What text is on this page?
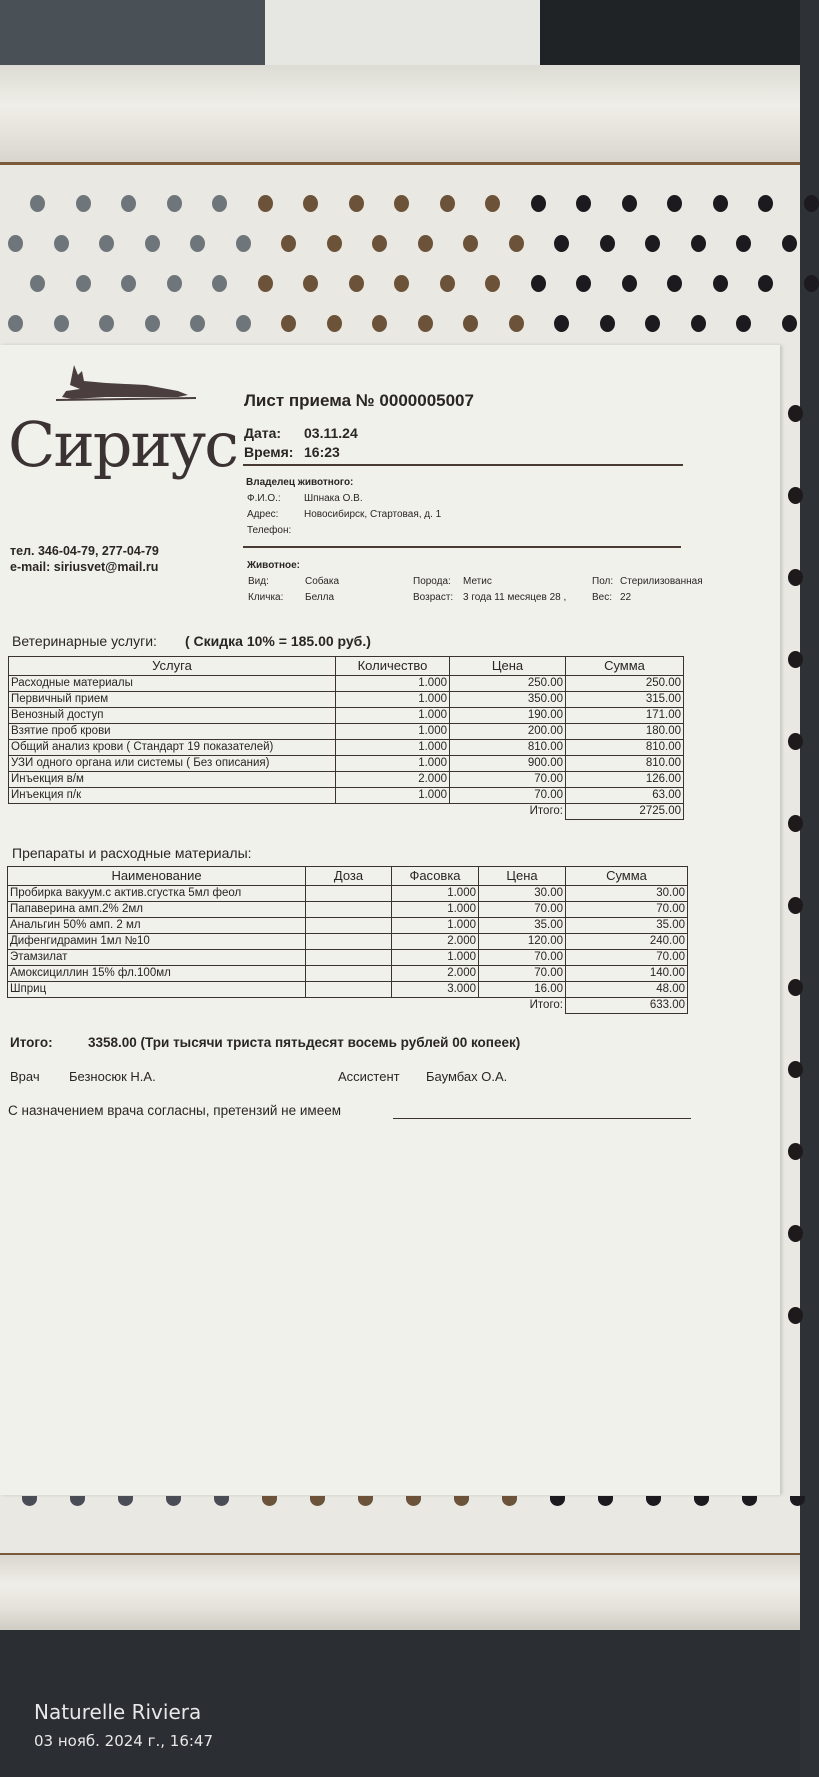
Сириус
тел. 346-04-79, 277-04-79
e-mail: siriusvet@mail.ru
Лист приема № 0000005007
Дата: 03.11.24
Время: 16:23
Владелец животного:
Ф.И.О.: Шпнака О.В.
Адрес:	Новосибирск, Стартовая, д. 1
Телефон:
Животное:
Вид:	Собака
Кличка: Белла
Порода: Метис
Возраст: 3 года 11 месяцев 28 ,
Пол: Стерилизованная
Вес: 22
Ветеринарные услуги: ( Скидка 10% = 185.00 руб.)
Услуга	Количество	Цена	Сумма
Расходные материалы	1.000	250.00	250.00
Первичный прием	1.000	350.00	315.00
Венозный доступ	1.000	190.00	171.00
Взятие проб крови	1.000	200.00	180.00
Общий анализ крови ( Стандарт 19 показателей)	1.000	810.00	810.00
УЗИ одного органа или системы ( Без описания)	1.000	900.00	810.00
Инъекция в/м	2.000	70.00	126.00
Инъекция п/к	1.000	70.00	63.00
		Итого:	2725.00
Препараты и расходные материалы:
Наименование	Доза	Фасовка	Цена	Сумма
Пробирка вакуум.с актив.сгустка 5мл феол		1.000	30.00	30.00
Папаверина амп.2% 2мл		1.000	70.00	70.00
Анальгин 50% амп. 2 мл		1.000	35.00	35.00
Дифенгидрамин 1мл №10		2.000	120.00	240.00
Этамзилат		1.000	70.00	70.00
Амоксициллин 15% фл.100мл		2.000	70.00	140.00
Шприц		3.000	16.00	48.00
			Итого:	633.00
Итого:	3358.00 (Три тысячи триста пятьдесят восемь рублей 00 копеек)
Врач Безносюк Н.А.	Ассистент Баумбах О.А.
С назначением врача согласны, претензий не имеем
Naturelle Riviera
03 нояб. 2024 г., 16:47
